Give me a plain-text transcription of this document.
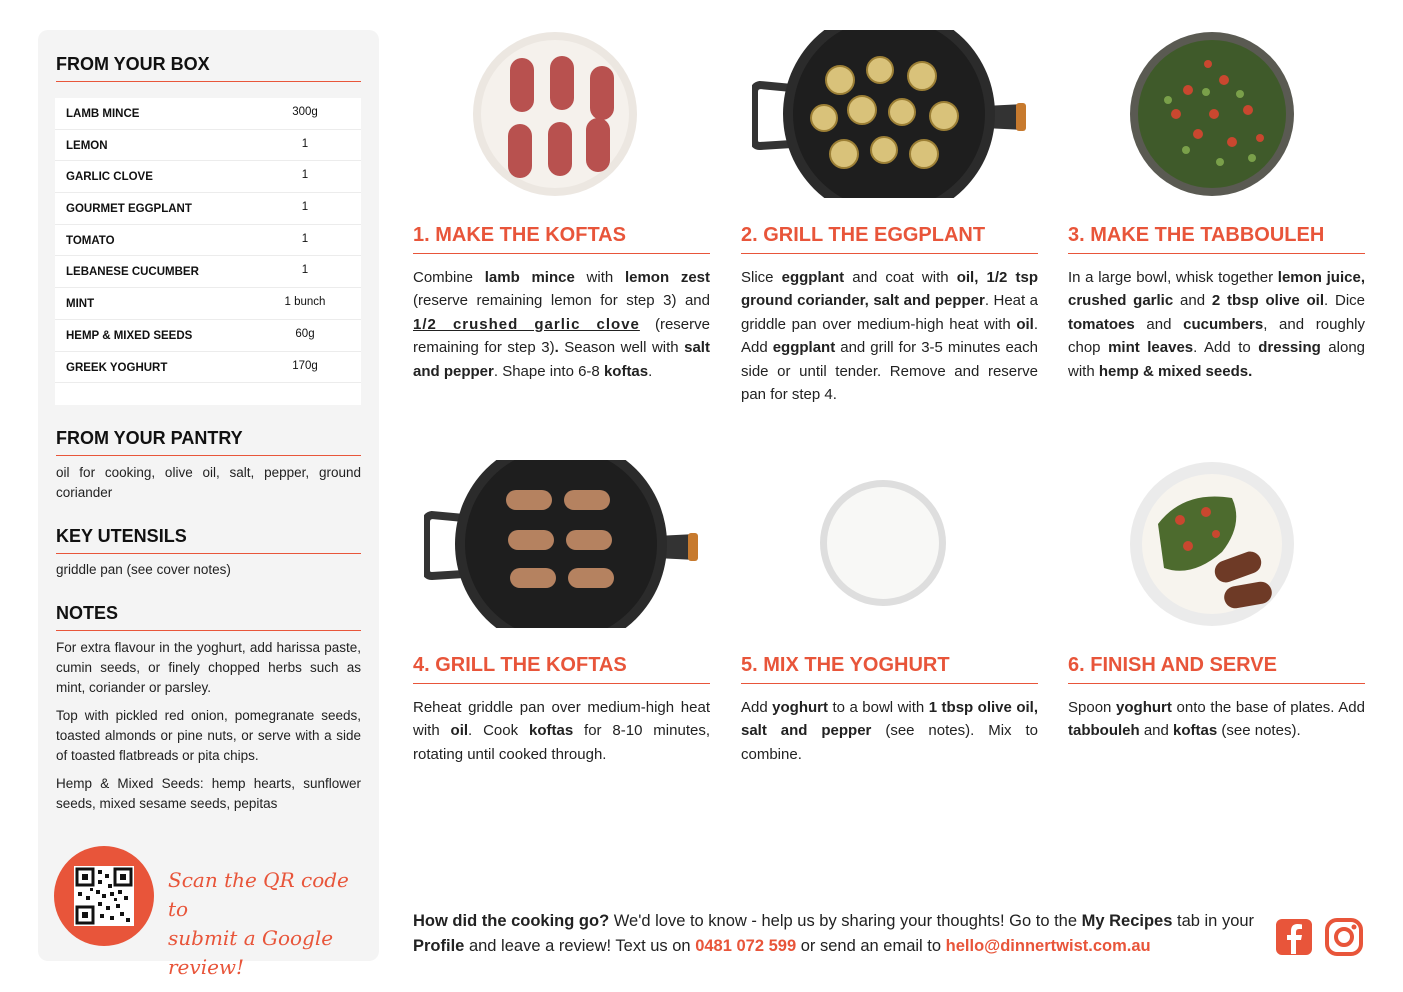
FROM YOUR BOX
LAMB MINCE	300g
LEMON	1
GARLIC CLOVE	1
GOURMET EGGPLANT	1
TOMATO	1
LEBANESE CUCUMBER	1
MINT	1 bunch
HEMP & MIXED SEEDS	60g
GREEK YOGHURT	170g
FROM YOUR PANTRY
oil for cooking, olive oil, salt, pepper, ground coriander
KEY UTENSILS
griddle pan (see cover notes)
NOTES
For extra flavour in the yoghurt, add harissa paste, cumin seeds, or finely chopped herbs such as mint, coriander or parsley.
Top with pickled red onion, pomegranate seeds, toasted almonds or pine nuts, or serve with a side of toasted flatbreads or pita chips.
Hemp & Mixed Seeds: hemp hearts, sunflower seeds, mixed sesame seeds, pepitas
Scan the QR code to
submit a Google review!
1. MAKE THE KOFTAS	2. GRILL THE EGGPLANT	3. MAKE THE TABBOULEH
4. GRILL THE KOFTAS	5. MIX THE YOGHURT	6. FINISH AND SERVE
Combine lamb mince with lemon zest (reserve remaining lemon for step 3) and 1/2 crushed garlic clove (reserve remaining for step 3). Season well with salt and pepper. Shape into 6-8 koftas.
Slice eggplant and coat with oil, 1/2 tsp ground coriander, salt and pepper. Heat a griddle pan over medium-high heat with oil. Add eggplant and grill for 3-5 minutes each side or until tender. Remove and reserve pan for step 4.
In a large bowl, whisk together lemon juice, crushed garlic and 2 tbsp olive oil. Dice tomatoes and cucumbers, and roughly chop mint leaves. Add to dressing along with hemp & mixed seeds.
Reheat griddle pan over medium-high heat with oil. Cook koftas for 8-10 minutes, rotating until cooked through.
Add yoghurt to a bowl with 1 tbsp olive oil, salt and pepper (see notes). Mix to combine.
Spoon yoghurt onto the base of plates. Add tabbouleh and koftas (see notes).
How did the cooking go? We'd love to know - help us by sharing your thoughts! Go to the My Recipes tab in your Profile and leave a review! Text us on 0481 072 599 or send an email to hello@dinnertwist.com.au
